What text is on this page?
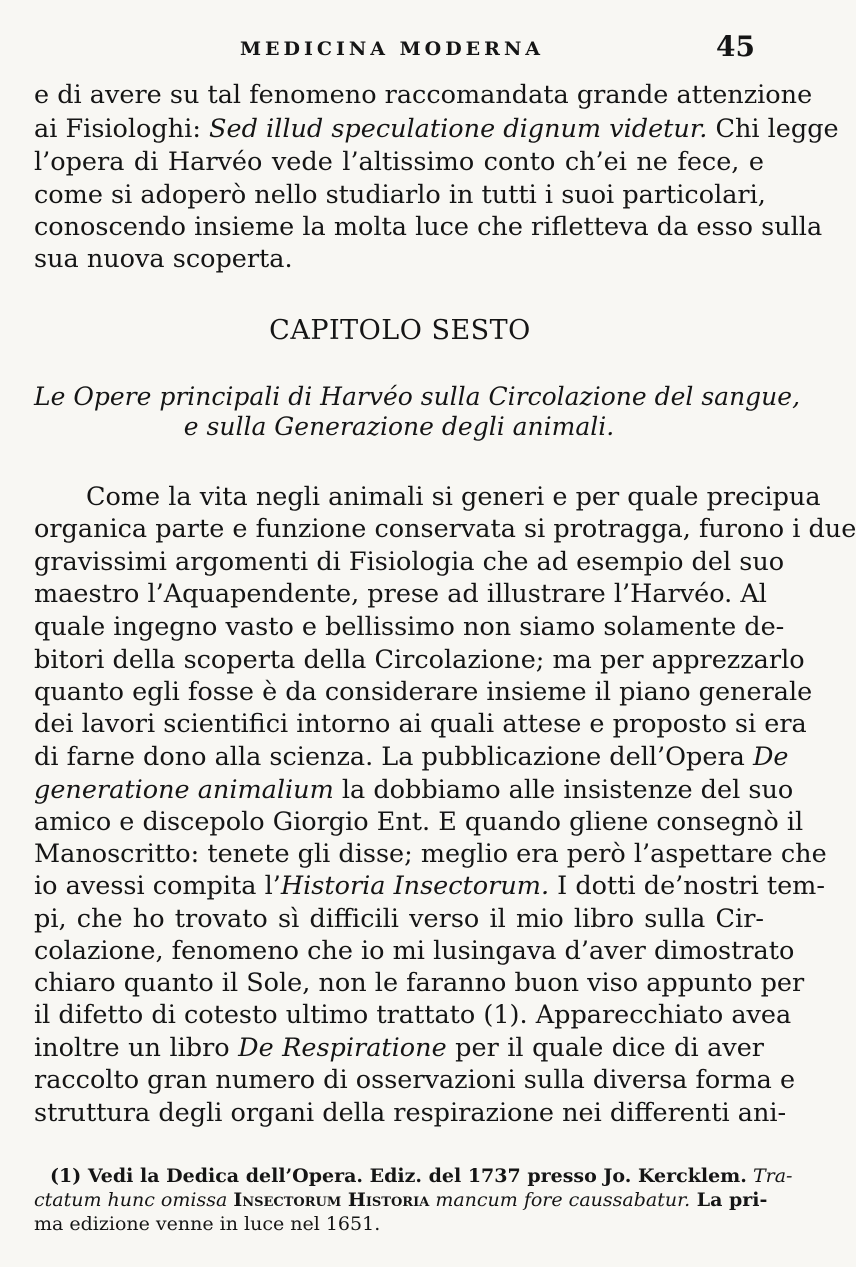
MEDICINA MODERNA	45
e di avere su tal fenomeno raccomandata grande attenzione
ai Fisiologhi: Sed illud speculatione dignum videtur. Chi legge
l’opera di Harvéo vede l’altissimo conto ch’ei ne fece, e
come si adoperò nello studiarlo in tutti i suoi particolari,
conoscendo insieme la molta luce che rifletteva da esso sulla
sua nuova scoperta.
CAPITOLO SESTO
Le Opere principali di Harvéo sulla Circolazione del sangue,
e sulla Generazione degli animali.
Come la vita negli animali si generi e per quale precipua
organica parte e funzione conservata si protragga, furono i due
gravissimi argomenti di Fisiologia che ad esempio del suo
maestro l’Aquapendente, prese ad illustrare l’Harvéo. Al
quale ingegno vasto e bellissimo non siamo solamente de-
bitori della scoperta della Circolazione; ma per apprezzarlo
quanto egli fosse è da considerare insieme il piano generale
dei lavori scientifici intorno ai quali attese e proposto si era
di farne dono alla scienza. La pubblicazione dell’Opera De
generatione animalium la dobbiamo alle insistenze del suo
amico e discepolo Giorgio Ent. E quando gliene consegnò il
Manoscritto: tenete gli disse; meglio era però l’aspettare che
io avessi compita l’Historia Insectorum. I dotti de’nostri tem-
pi, che ho trovato sì difficili verso il mio libro sulla Cir-
colazione, fenomeno che io mi lusingava d’aver dimostrato
chiaro quanto il Sole, non le faranno buon viso appunto per
il difetto di cotesto ultimo trattato (1). Apparecchiato avea
inoltre un libro De Respiratione per il quale dice di aver
raccolto gran numero di osservazioni sulla diversa forma e
struttura degli organi della respirazione nei differenti ani-
(1) Vedi la Dedica dell’Opera. Ediz. del 1737 presso Jo. Kercklem. Tra-
ctatum hunc omissa Insectorum Historia mancum fore caussabatur. La pri-
ma edizione venne in luce nel 1651.
